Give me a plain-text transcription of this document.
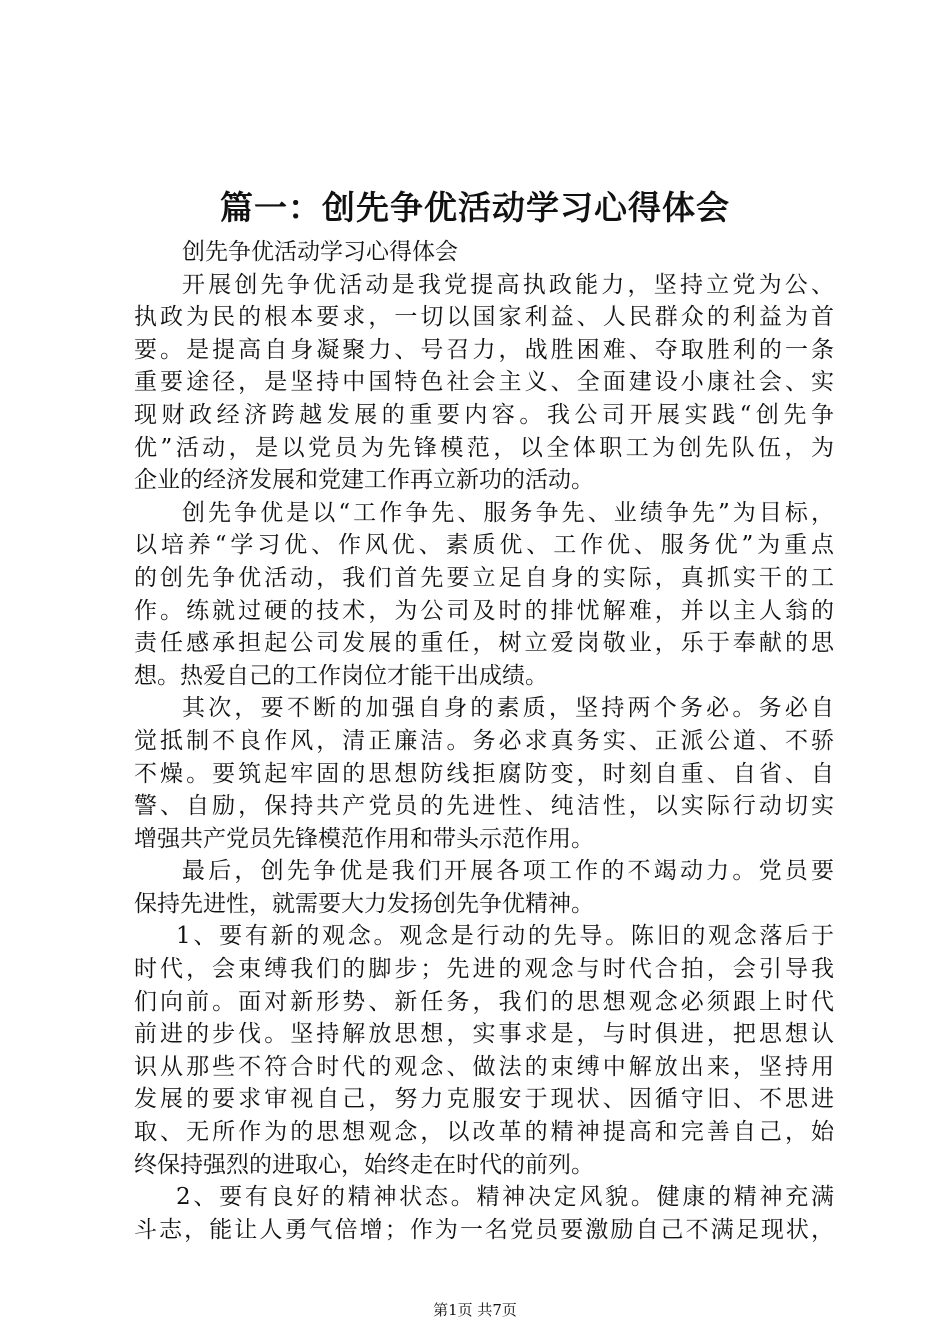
篇一：创先争优活动学习心得体会
创先争优活动学习心得体会
开展创先争优活动是我党提高执政能力，坚持立党为公、
执政为民的根本要求，一切以国家利益、人民群众的利益为首
要。是提高自身凝聚力、号召力，战胜困难、夺取胜利的一条
重要途径，是坚持中国特色社会主义、全面建设小康社会、实
现财政经济跨越发展的重要内容。我公司开展实践“创先争
优”活动，是以党员为先锋模范，以全体职工为创先队伍，为
企业的经济发展和党建工作再立新功的活动。
创先争优是以“工作争先、服务争先、业绩争先”为目标，
以培养“学习优、作风优、素质优、工作优、服务优”为重点
的创先争优活动，我们首先要立足自身的实际，真抓实干的工
作。练就过硬的技术，为公司及时的排忧解难，并以主人翁的
责任感承担起公司发展的重任，树立爱岗敬业，乐于奉献的思
想。热爱自己的工作岗位才能干出成绩。
其次，要不断的加强自身的素质，坚持两个务必。务必自
觉抵制不良作风，清正廉洁。务必求真务实、正派公道、不骄
不燥。要筑起牢固的思想防线拒腐防变，时刻自重、自省、自
警、自励，保持共产党员的先进性、纯洁性，以实际行动切实
增强共产党员先锋模范作用和带头示范作用。
最后，创先争优是我们开展各项工作的不竭动力。党员要
保持先进性，就需要大力发扬创先争优精神。
1、要有新的观念。观念是行动的先导。陈旧的观念落后于
时代，会束缚我们的脚步；先进的观念与时代合拍，会引导我
们向前。面对新形势、新任务，我们的思想观念必须跟上时代
前进的步伐。坚持解放思想，实事求是，与时俱进，把思想认
识从那些不符合时代的观念、做法的束缚中解放出来，坚持用
发展的要求审视自己，努力克服安于现状、因循守旧、不思进
取、无所作为的思想观念，以改革的精神提高和完善自己，始
终保持强烈的进取心，始终走在时代的前列。
2、要有良好的精神状态。精神决定风貌。健康的精神充满
斗志，能让人勇气倍增；作为一名党员要激励自己不满足现状，
第1页 共7页
